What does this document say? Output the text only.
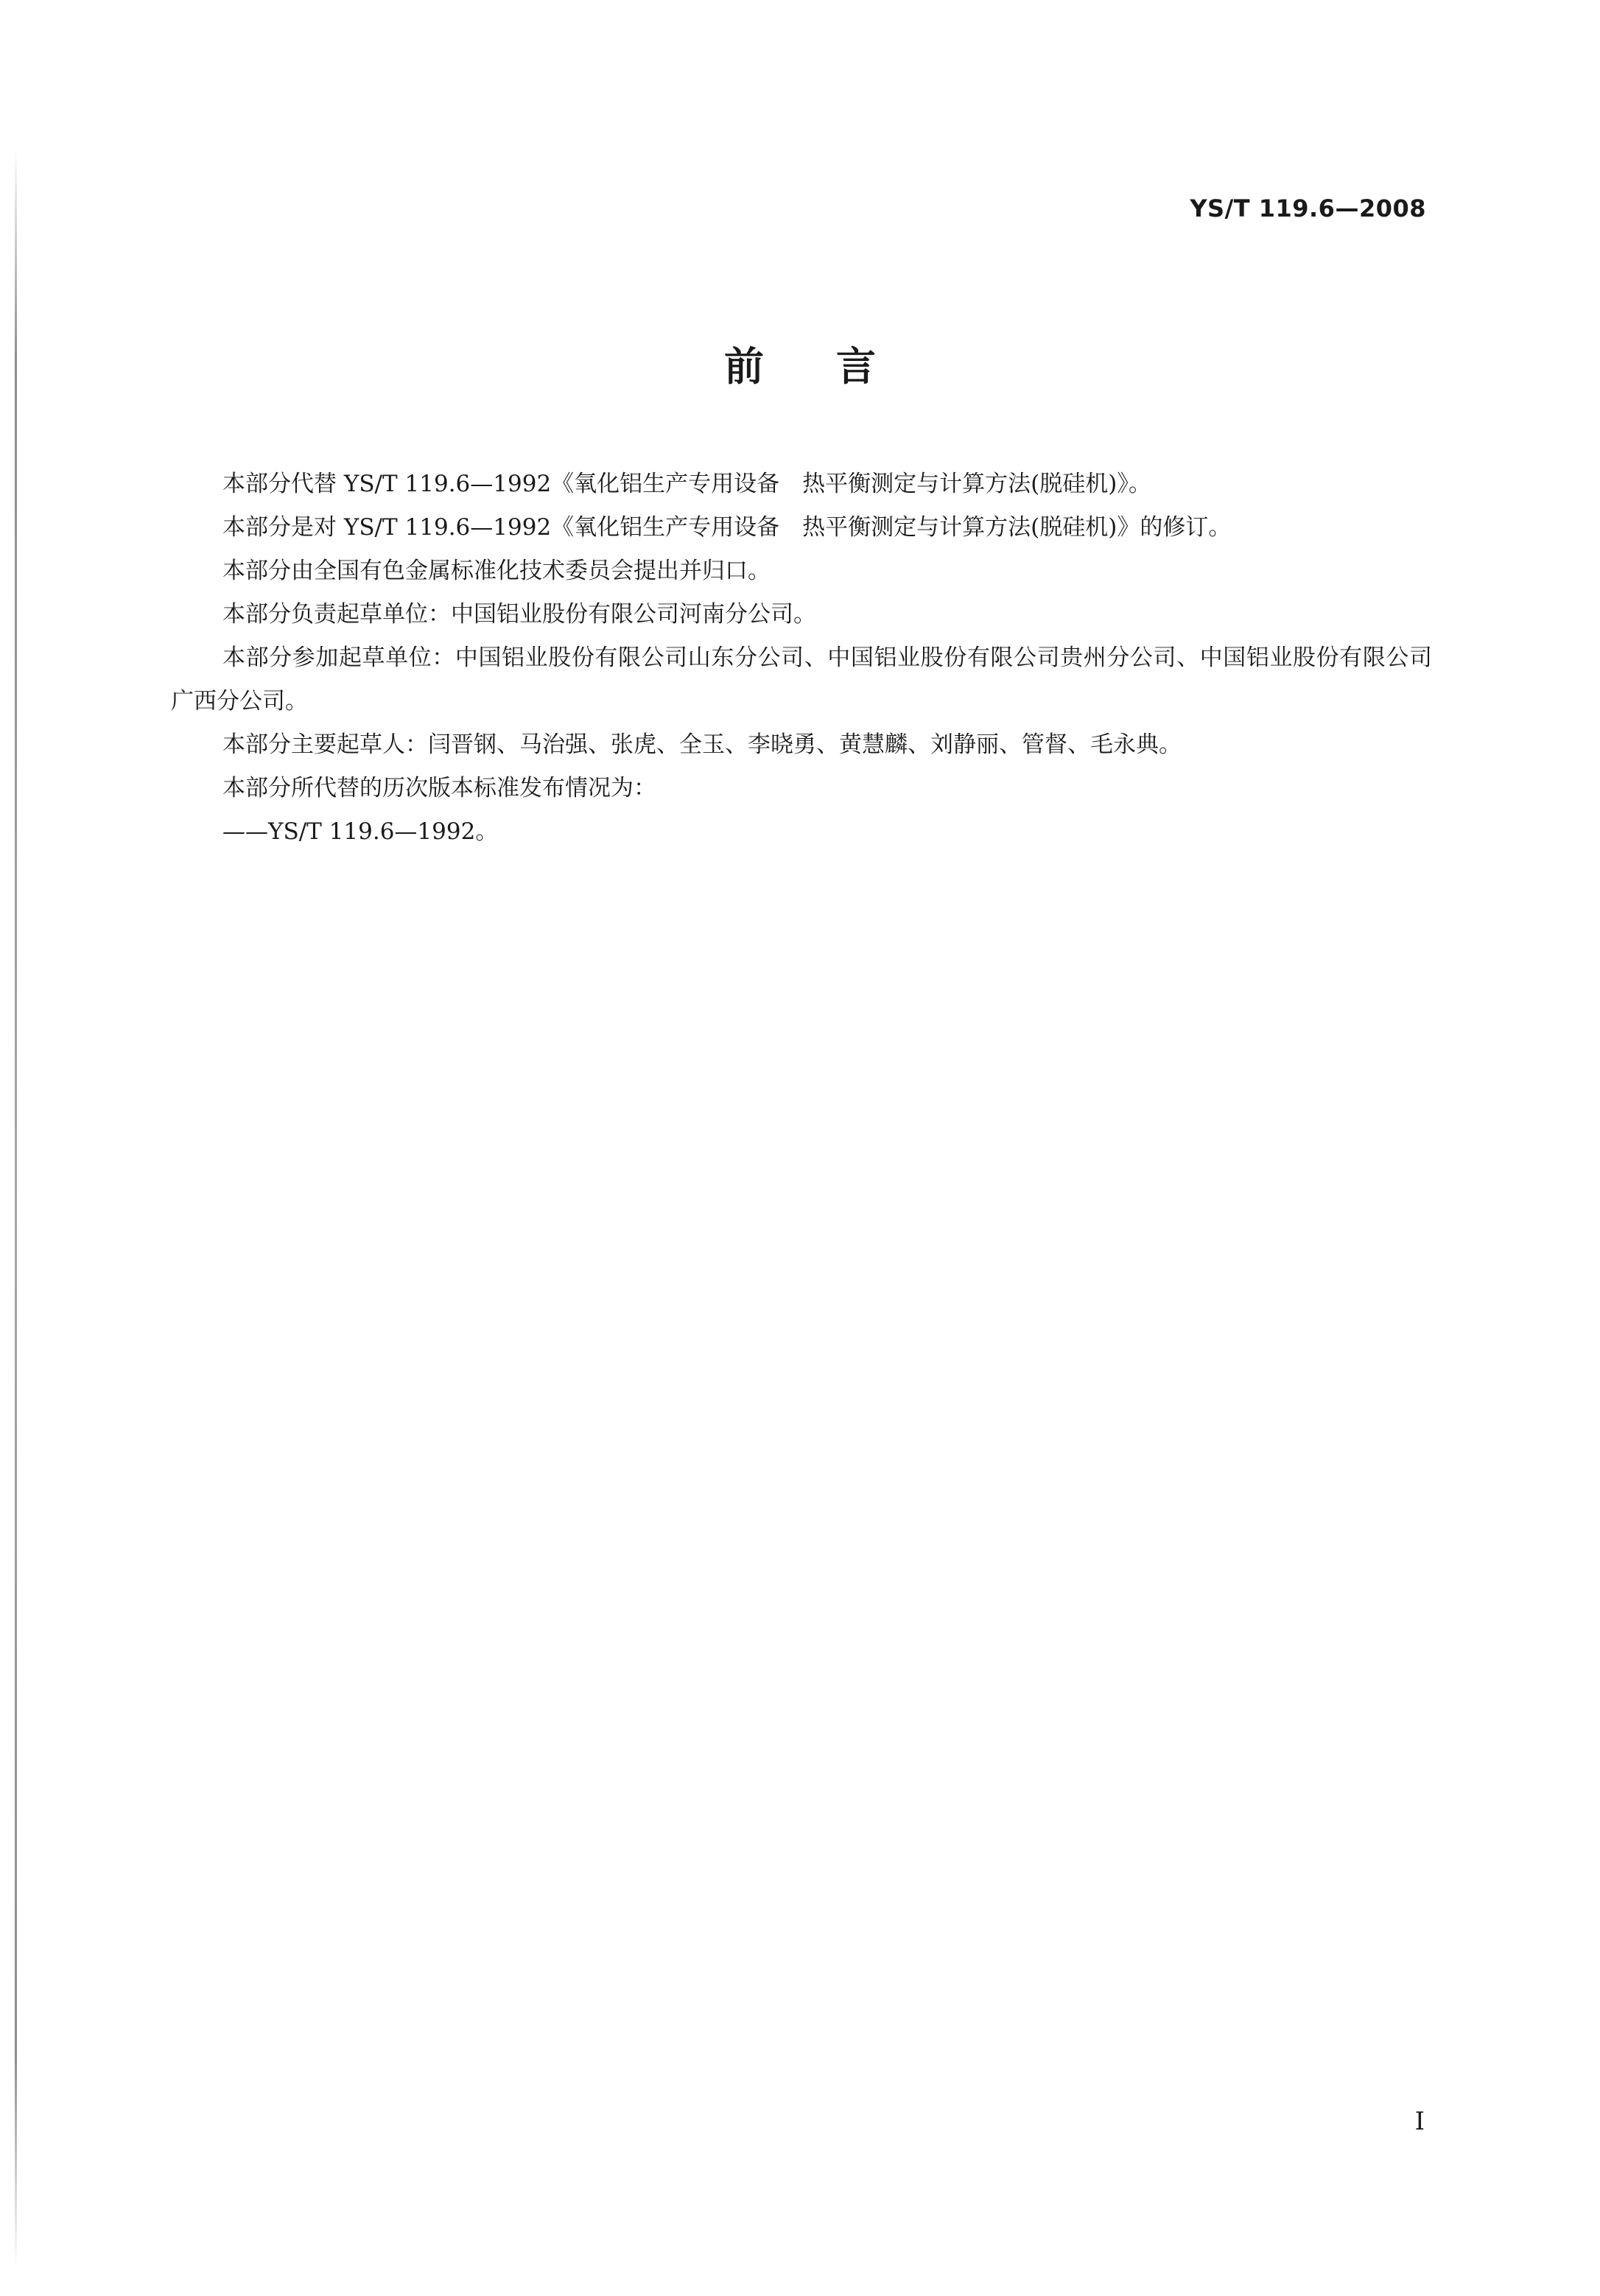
YS/T 119.6—2008
前言

本部分代替 YS/T 119.6—1992《氧化铝生产专用设备　热平衡测定与计算方法(脱硅机)》。

本部分是对 YS/T 119.6—1992《氧化铝生产专用设备　热平衡测定与计算方法(脱硅机)》的修订。

本部分由全国有色金属标准化技术委员会提出并归口。

本部分负责起草单位：中国铝业股份有限公司河南分公司。

本部分参加起草单位：中国铝业股份有限公司山东分公司、中国铝业股份有限公司贵州分公司、中国铝业股份有限公司广西分公司。

本部分主要起草人：闫晋钢、马治强、张虎、全玉、李晓勇、黄慧麟、刘静丽、管督、毛永典。

本部分所代替的历次版本标准发布情况为：

——YS/T 119.6—1992。

I
